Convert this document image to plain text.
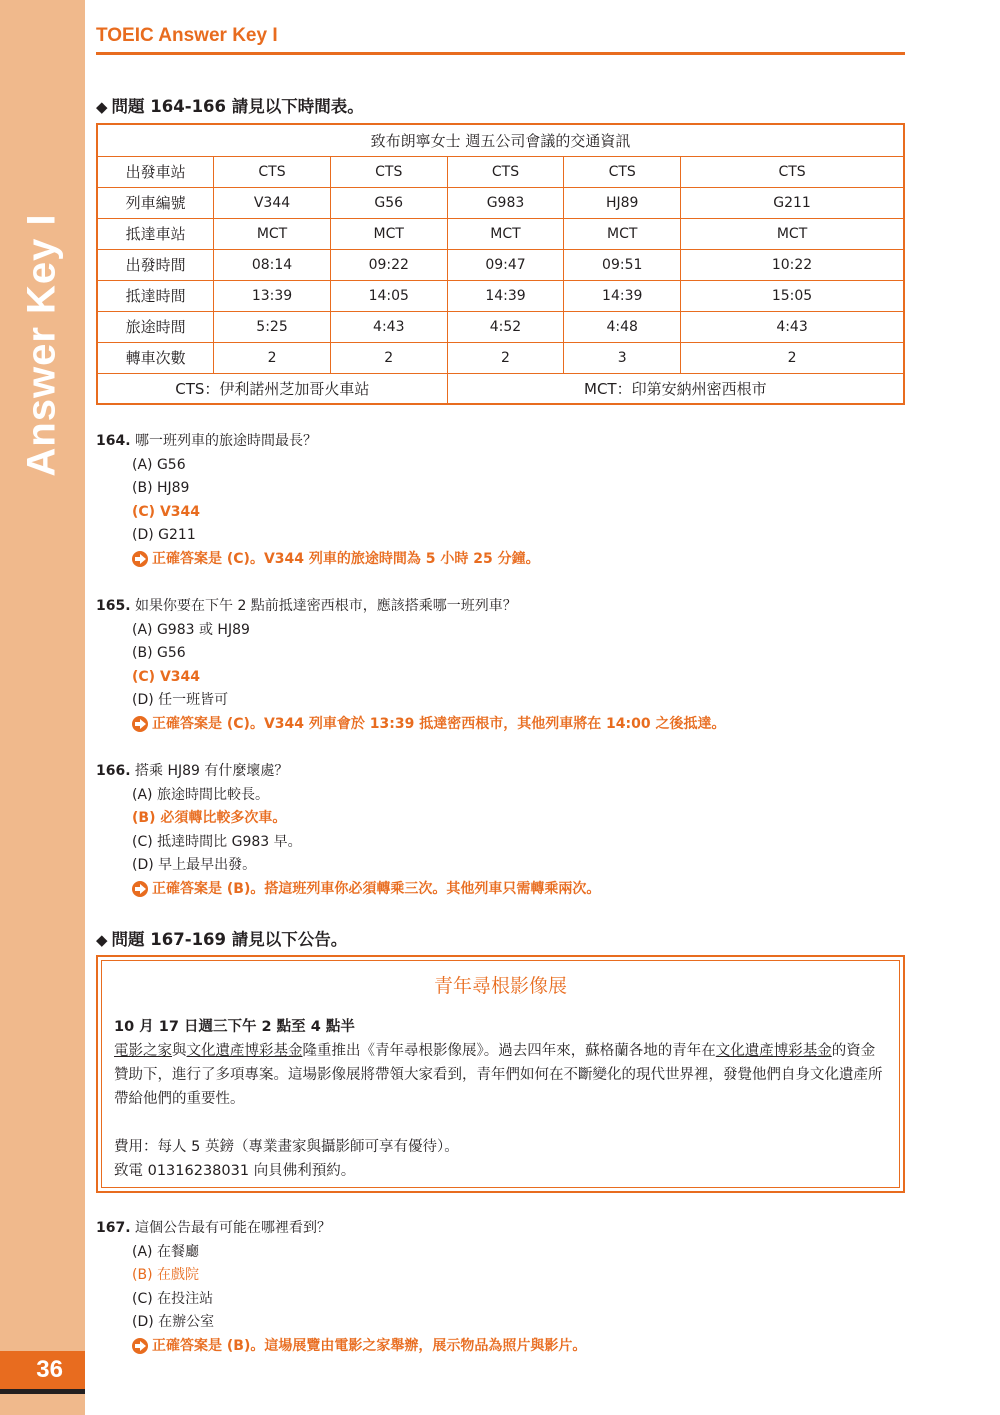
Answer Key I
36
TOEIC Answer Key I
◆ 問題 164-166 請見以下時間表。
致布朗寧女士 週五公司會議的交通資訊					
出發車站	CTS	CTS	CTS	CTS	CTS
列車編號	V344	G56	G983	HJ89	G211
抵達車站	MCT	MCT	MCT	MCT	MCT
出發時間	08:14	09:22	09:47	09:51	10:22
抵達時間	13:39	14:05	14:39	14:39	15:05
旅途時間	5:25	4:43	4:52	4:48	4:43
轉車次數	2	2	2	3	2
CTS：伊利諾州芝加哥火車站			MCT：印第安納州密西根市		
164. 哪一班列車的旅途時間最長？
(A) G56
(B) HJ89
(C) V344
(D) G211
正確答案是 (C)。V344 列車的旅途時間為 5 小時 25 分鐘。
165. 如果你要在下午 2 點前抵達密西根市，應該搭乘哪一班列車？
(A) G983 或 HJ89
(B) G56
(C) V344
(D) 任一班皆可
正確答案是 (C)。V344 列車會於 13:39 抵達密西根市，其他列車將在 14:00 之後抵達。
166. 搭乘 HJ89 有什麼壞處？
(A) 旅途時間比較長。
(B) 必須轉比較多次車。
(C) 抵達時間比 G983 早。
(D) 早上最早出發。
正確答案是 (B)。搭這班列車你必須轉乘三次。其他列車只需轉乘兩次。
◆ 問題 167-169 請見以下公告。
青年尋根影像展
10 月 17 日週三下午 2 點至 4 點半
電影之家與文化遺產博彩基金隆重推出《青年尋根影像展》。過去四年來，蘇格蘭各地的青年在文化遺產博彩基金的資金贊助下，進行了多項專案。這場影像展將帶領大家看到，青年們如何在不斷變化的現代世界裡，發覺他們自身文化遺產所帶給他們的重要性。
費用：每人 5 英鎊（專業畫家與攝影師可享有優待）。
致電 01316238031 向貝佛利預約。
167. 這個公告最有可能在哪裡看到？
(A) 在餐廳
(B) 在戲院
(C) 在投注站
(D) 在辦公室
正確答案是 (B)。這場展覽由電影之家舉辦，展示物品為照片與影片。
